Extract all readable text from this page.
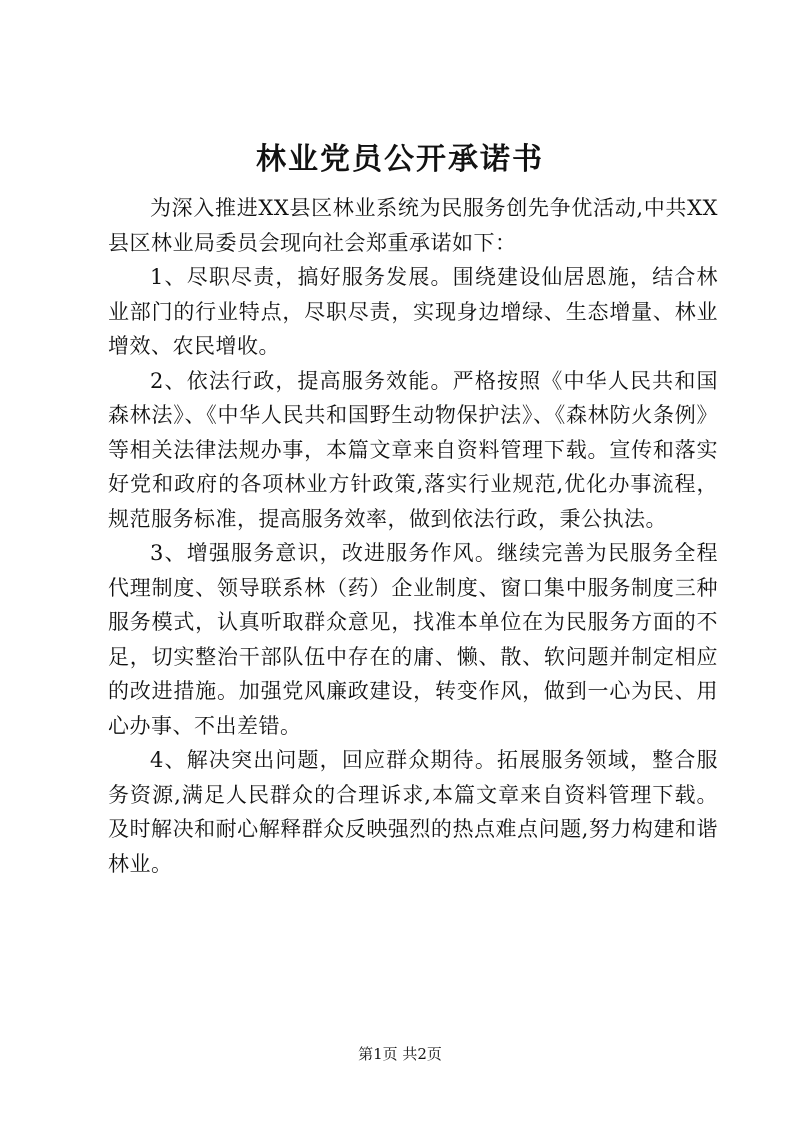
林业党员公开承诺书

为深入推进XX县区林业系统为民服务创先争优活动,中共XX县区林业局委员会现向社会郑重承诺如下：

1、尽职尽责，搞好服务发展。围绕建设仙居恩施，结合林业部门的行业特点，尽职尽责，实现身边增绿、生态增量、林业增效、农民增收。

2、依法行政，提高服务效能。严格按照《中华人民共和国森林法》、《中华人民共和国野生动物保护法》、《森林防火条例》等相关法律法规办事，本篇文章来自资料管理下载。宣传和落实好党和政府的各项林业方针政策,落实行业规范,优化办事流程，规范服务标准，提高服务效率，做到依法行政，秉公执法。

3、增强服务意识，改进服务作风。继续完善为民服务全程代理制度、领导联系林（药）企业制度、窗口集中服务制度三种服务模式，认真听取群众意见，找准本单位在为民服务方面的不足，切实整治干部队伍中存在的庸、懒、散、软问题并制定相应的改进措施。加强党风廉政建设，转变作风，做到一心为民、用心办事、不出差错。

4、解决突出问题，回应群众期待。拓展服务领域，整合服务资源,满足人民群众的合理诉求,本篇文章来自资料管理下载。及时解决和耐心解释群众反映强烈的热点难点问题,努力构建和谐林业。

第1页 共2页
